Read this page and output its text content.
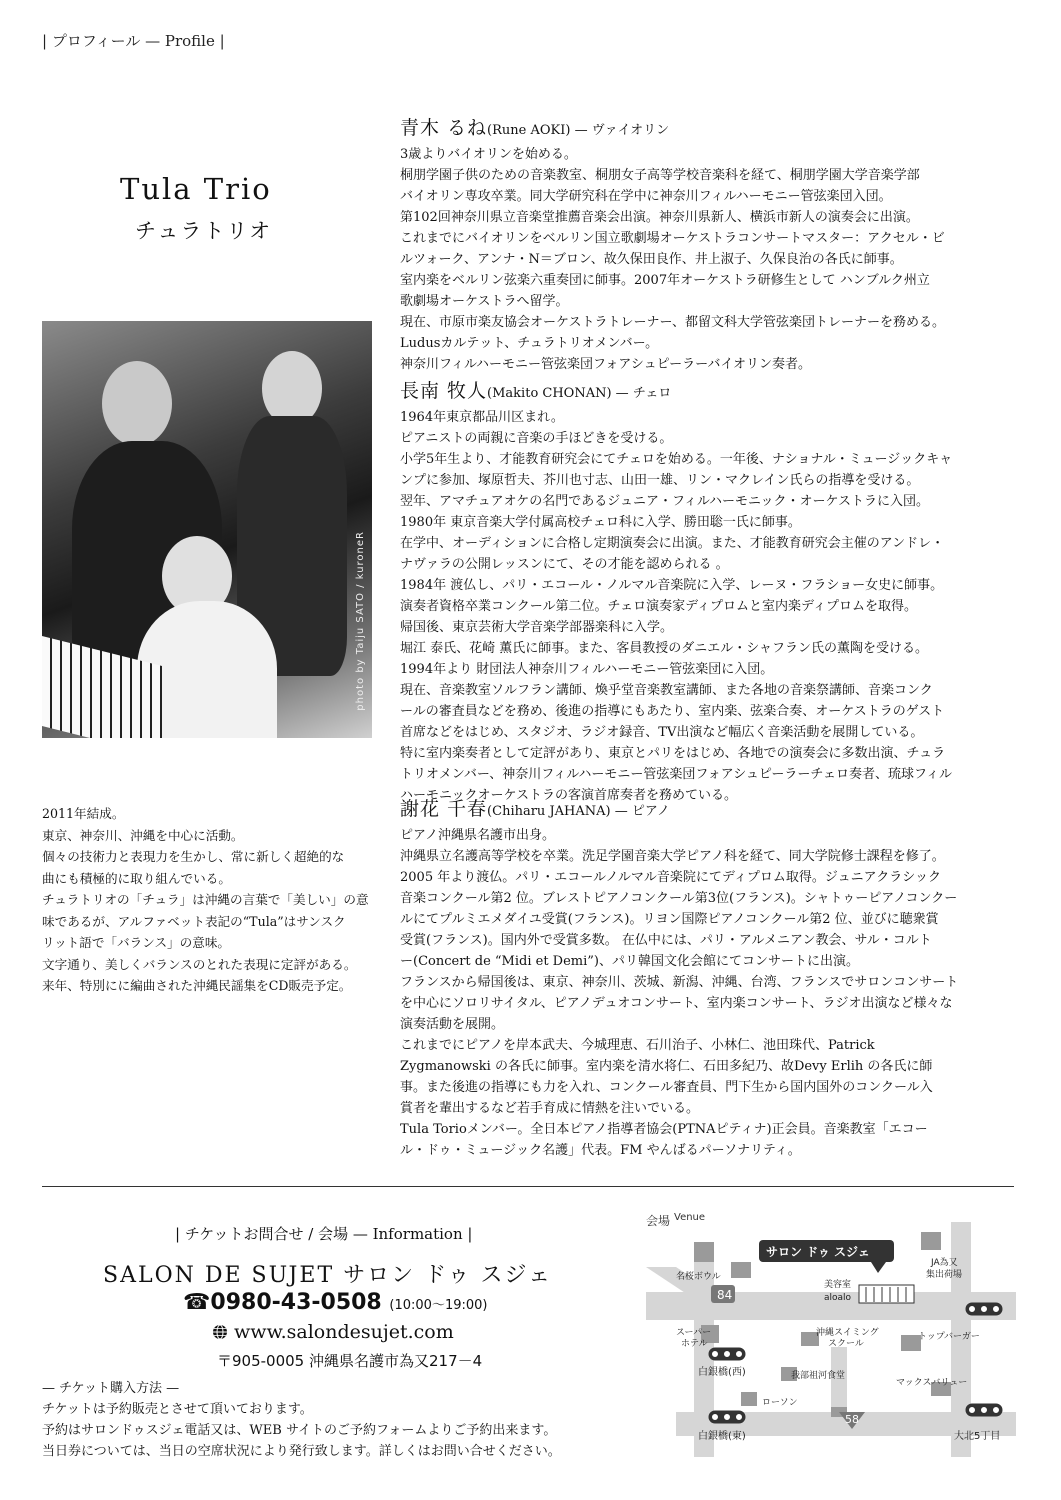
| プロフィール — Profile |
Tula Trio
チュラトリオ
photo by Taiju SATO / kuroneR

2011年結成。

東京、神奈川、沖縄を中心に活動。

個々の技術力と表現力を生かし、常に新しく超絶的な

曲にも積極的に取り組んでいる。

チュラトリオの「チュラ」は沖縄の言葉で「美しい」の意

味であるが、アルファベット表記の“Tula”はサンスク

リット語で「バランス」の意味。

文字通り、美しくバランスのとれた表現に定評がある。

来年、特別にに編曲された沖縄民謡集をCD販売予定。

青木 るね(Rune AOKI) — ヴァイオリン

3歳よりバイオリンを始める。

桐朋学園子供のための音楽教室、桐朋女子高等学校音楽科を経て、桐朋学園大学音楽学部

バイオリン専攻卒業。同大学研究科在学中に神奈川フィルハーモニー管弦楽団入団。

第102回神奈川県立音楽堂推薦音楽会出演。神奈川県新人、横浜市新人の演奏会に出演。

これまでにバイオリンをベルリン国立歌劇場オーケストラコンサートマスター：アクセル・ビ

ルツォーク、アンナ・N＝ブロン、故久保田良作、井上淑子、久保良治の各氏に師事。

室内楽をベルリン弦楽六重奏団に師事。2007年オーケストラ研修生として ハンブルク州立

歌劇場オーケストラへ留学。

現在、市原市楽友協会オーケストラトレーナー、都留文科大学管弦楽団トレーナーを務める。

Ludusカルテット、チュラトリオメンバー。

神奈川フィルハーモニー管弦楽団フォアシュピーラーバイオリン奏者。

長南 牧人(Makito CHONAN) — チェロ

1964年東京都品川区まれ。

ピアニストの両親に音楽の手ほどきを受ける。

小学5年生より、才能教育研究会にてチェロを始める。一年後、ナショナル・ミュージックキャ

ンプに参加、塚原哲夫、芥川也寸志、山田一雄、リン・マクレイン氏らの指導を受ける。

翌年、アマチュアオケの名門であるジュニア・フィルハーモニック・オーケストラに入団。

1980年 東京音楽大学付属高校チェロ科に入学、勝田聡一氏に師事。

在学中、オーディションに合格し定期演奏会に出演。また、才能教育研究会主催のアンドレ・

ナヴァラの公開レッスンにて、その才能を認められる 。

1984年 渡仏し、パリ・エコール・ノルマル音楽院に入学、レーヌ・フラショー女史に師事。

演奏者資格卒業コンクール第二位。チェロ演奏家ディプロムと室内楽ディプロムを取得。

帰国後、東京芸術大学音楽学部器楽科に入学。

堀江 泰氏、花崎 薫氏に師事。また、客員教授のダニエル・シャフラン氏の薫陶を受ける。

1994年より 財団法人神奈川フィルハーモニー管弦楽団に入団。

現在、音楽教室ソルフラン講師、煥乎堂音楽教室講師、また各地の音楽祭講師、音楽コンク

ールの審査員などを務め、後進の指導にもあたり、室内楽、弦楽合奏、オーケストラのゲスト

首席などをはじめ、スタジオ、ラジオ録音、TV出演など幅広く音楽活動を展開している。

特に室内楽奏者として定評があり、東京とパリをはじめ、各地での演奏会に多数出演、チュラ

トリオメンバー、神奈川フィルハーモニー管弦楽団フォアシュピーラーチェロ奏者、琉球フィル

ハーモニックオーケストラの客演首席奏者を務めている。

謝花 千春(Chiharu JAHANA) — ピアノ

ピアノ沖縄県名護市出身。

沖縄県立名護高等学校を卒業。洗足学園音楽大学ピアノ科を経て、同大学院修士課程を修了。

2005 年より渡仏。パリ・エコールノルマル音楽院にてディプロム取得。ジュニアクラシック

音楽コンクール第2 位。ブレストピアノコンクール第3位(フランス)。シャトゥーピアノコンクー

ルにてプルミエメダイユ受賞(フランス)。リヨン国際ピアノコンクール第2 位、並びに聴衆賞

受賞(フランス)。国内外で受賞多数。 在仏中には、パリ・アルメニアン教会、サル・コルト

ー(Concert de “Midi et Demi”)、パリ韓国文化会館にてコンサートに出演。

フランスから帰国後は、東京、神奈川、茨城、新潟、沖縄、台湾、フランスでサロンコンサート

を中心にソロリサイタル、ピアノデュオコンサート、室内楽コンサート、ラジオ出演など様々な

演奏活動を展開。

これまでにピアノを岸本武夫、今城理恵、石川治子、小林仁、池田珠代、Patrick

Zygmanowski の各氏に師事。室内楽を清水将仁、石田多紀乃、故Devy Erlih の各氏に師

事。また後進の指導にも力を入れ、コンクール審査員、門下生から国内国外のコンクール入

賞者を輩出するなど若手育成に情熱を注いでいる。

Tula Torioメンバー。全日本ピアノ指導者協会(PTNAピティナ)正会員。音楽教室「エコー

ル・ドゥ・ミュージック名護」代表。FM やんばるパーソナリティ。

| チケットお問合せ / 会場 — Information |
SALON DE SUJET サロン ドゥ スジェ
☎0980-43-0508 (10:00〜19:00)
www.salondesujet.com
〒905-0005 沖縄県名護市為又217－4

— チケット購入方法 —

チケットは予約販売とさせて頂いております。

予約はサロンドゥスジェ電話又は、WEB サイトのご予約フォームよりご予約出来ます。

当日券については、当日の空席状況により発行致します。詳しくはお問い合せください。

サロン ドゥ スジェ
84
58
会場 Venue
名桜ボウル
JA為又
集出荷場
美容室
aloalo
スーパー
ホテル
沖縄スイミング
スクール
トップバーガー
白銀橋(西)	我部祖河食堂
マックスバリュー
ローソン
白銀橋(東)	大北5丁目
